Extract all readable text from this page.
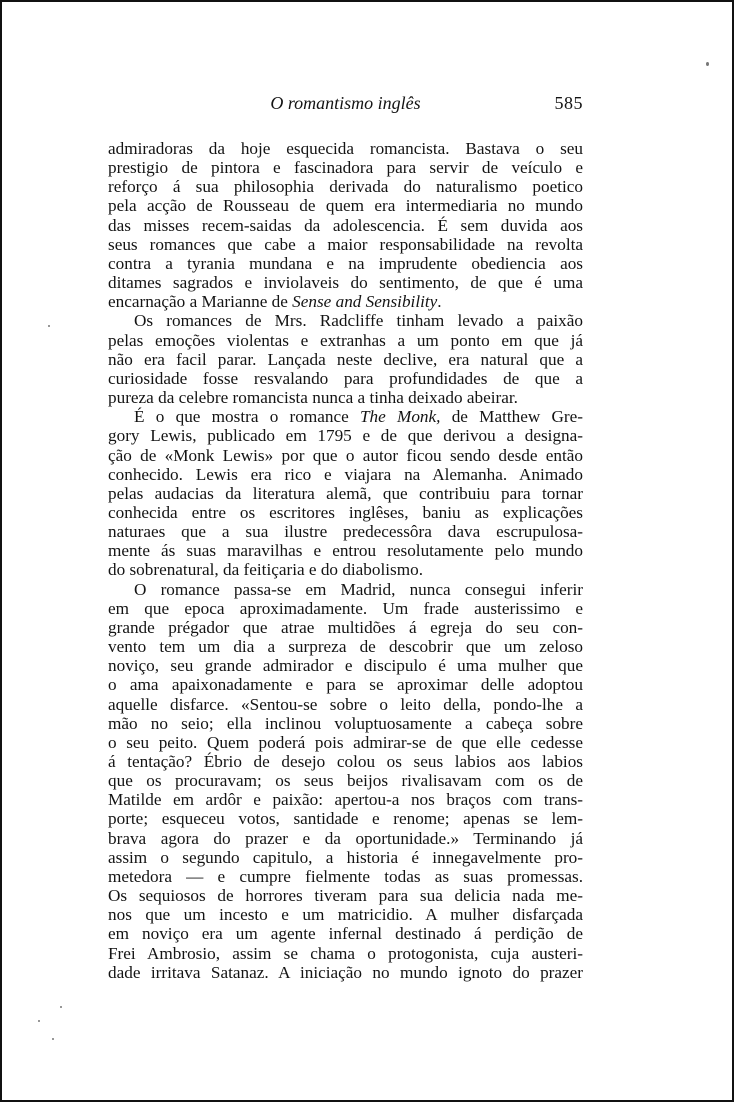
O romantismo inglês	585
admiradoras da hoje esquecida romancista. Bastava o seu
prestigio de pintora e fascinadora para servir de veículo e
reforço á sua philosophia derivada do naturalismo poetico
pela acção de Rousseau de quem era intermediaria no mundo
das misses recem-saidas da adolescencia. É sem duvida aos
seus romances que cabe a maior responsabilidade na revolta
contra a tyrania mundana e na imprudente obediencia aos
ditames sagrados e inviolaveis do sentimento, de que é uma
encarnação a Marianne de Sense and Sensibility.
Os romances de Mrs. Radcliffe tinham levado a paixão
pelas emoções violentas e extranhas a um ponto em que já
não era facil parar. Lançada neste declive, era natural que a
curiosidade fosse resvalando para profundidades de que a
pureza da celebre romancista nunca a tinha deixado abeirar.
É o que mostra o romance The Monk, de Matthew Gre-
gory Lewis, publicado em 1795 e de que derivou a designa-
ção de «Monk Lewis» por que o autor ficou sendo desde então
conhecido. Lewis era rico e viajara na Alemanha. Animado
pelas audacias da literatura alemã, que contribuiu para tornar
conhecida entre os escritores inglêses, baniu as explicações
naturaes que a sua ilustre predecessôra dava escrupulosa-
mente ás suas maravilhas e entrou resolutamente pelo mundo
do sobrenatural, da feitiçaria e do diabolismo.
O romance passa-se em Madrid, nunca consegui inferir
em que epoca aproximadamente. Um frade austerissimo e
grande prégador que atrae multidões á egreja do seu con-
vento tem um dia a surpreza de descobrir que um zeloso
noviço, seu grande admirador e discipulo é uma mulher que
o ama apaixonadamente e para se aproximar delle adoptou
aquelle disfarce. «Sentou-se sobre o leito della, pondo-lhe a
mão no seio; ella inclinou voluptuosamente a cabeça sobre
o seu peito. Quem poderá pois admirar-se de que elle cedesse
á tentação? Ébrio de desejo colou os seus labios aos labios
que os procuravam; os seus beijos rivalisavam com os de
Matilde em ardôr e paixão: apertou-a nos braços com trans-
porte; esqueceu votos, santidade e renome; apenas se lem-
brava agora do prazer e da oportunidade.» Terminando já
assim o segundo capitulo, a historia é innegavelmente pro-
metedora — e cumpre fielmente todas as suas promessas.
Os sequiosos de horrores tiveram para sua delicia nada me-
nos que um incesto e um matricidio. A mulher disfarçada
em noviço era um agente infernal destinado á perdição de
Frei Ambrosio, assim se chama o protogonista, cuja austeri-
dade irritava Satanaz. A iniciação no mundo ignoto do prazer
